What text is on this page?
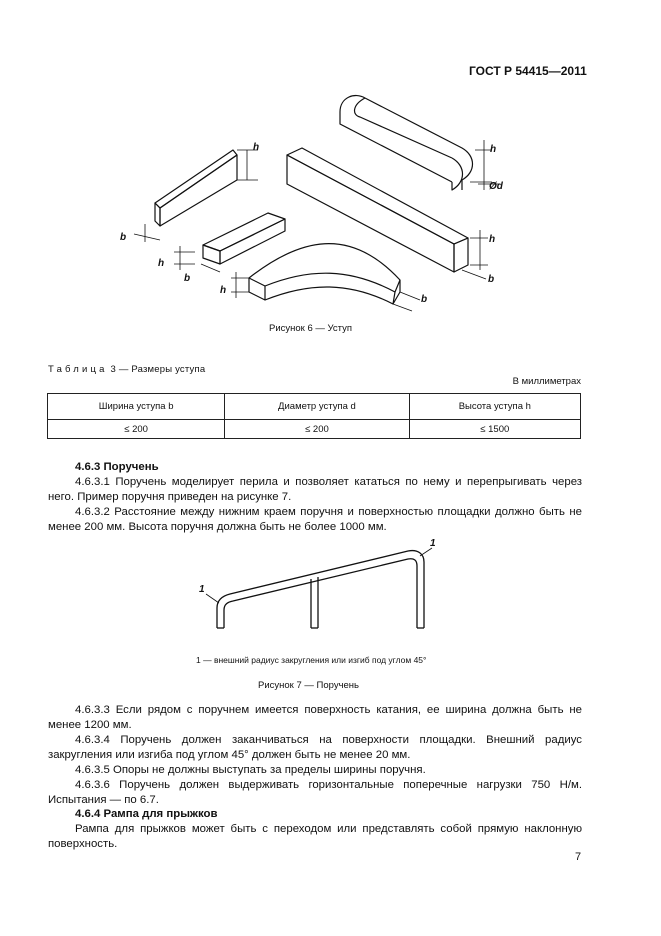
ГОСТ Р 54415—2011
h
b
h
b
h
b
h
Ød
h
b
Рисунок 6 — Уступ
Таблица 3 — Размеры уступа
В миллиметрах
Ширина уступа b	Диаметр уступа d	Высота уступа h
≤ 200	≤ 200	≤ 1500
4.6.3 Поручень
4.6.3.1 Поручень моделирует перила и позволяет кататься по нему и перепрыгивать через него. Пример поручня приведен на рисунке 7.
4.6.3.2 Расстояние между нижним краем поручня и поверхностью площадки должно быть не менее 200 мм. Высота поручня должна быть не более 1000 мм.
1
1
1 — внешний радиус закругления или изгиб под углом 45°
Рисунок 7 — Поручень
4.6.3.3 Если рядом с поручнем имеется поверхность катания, ее ширина должна быть не менее 1200 мм.
4.6.3.4 Поручень должен заканчиваться на поверхности площадки. Внешний радиус закругления или изгиба под углом 45° должен быть не менее 20 мм.
4.6.3.5 Опоры не должны выступать за пределы ширины поручня.
4.6.3.6 Поручень должен выдерживать горизонтальные поперечные нагрузки 750 Н/м. Испытания — по 6.7.
4.6.4 Рампа для прыжков
Рампа для прыжков может быть с переходом или представлять собой прямую наклонную поверхность.
7
